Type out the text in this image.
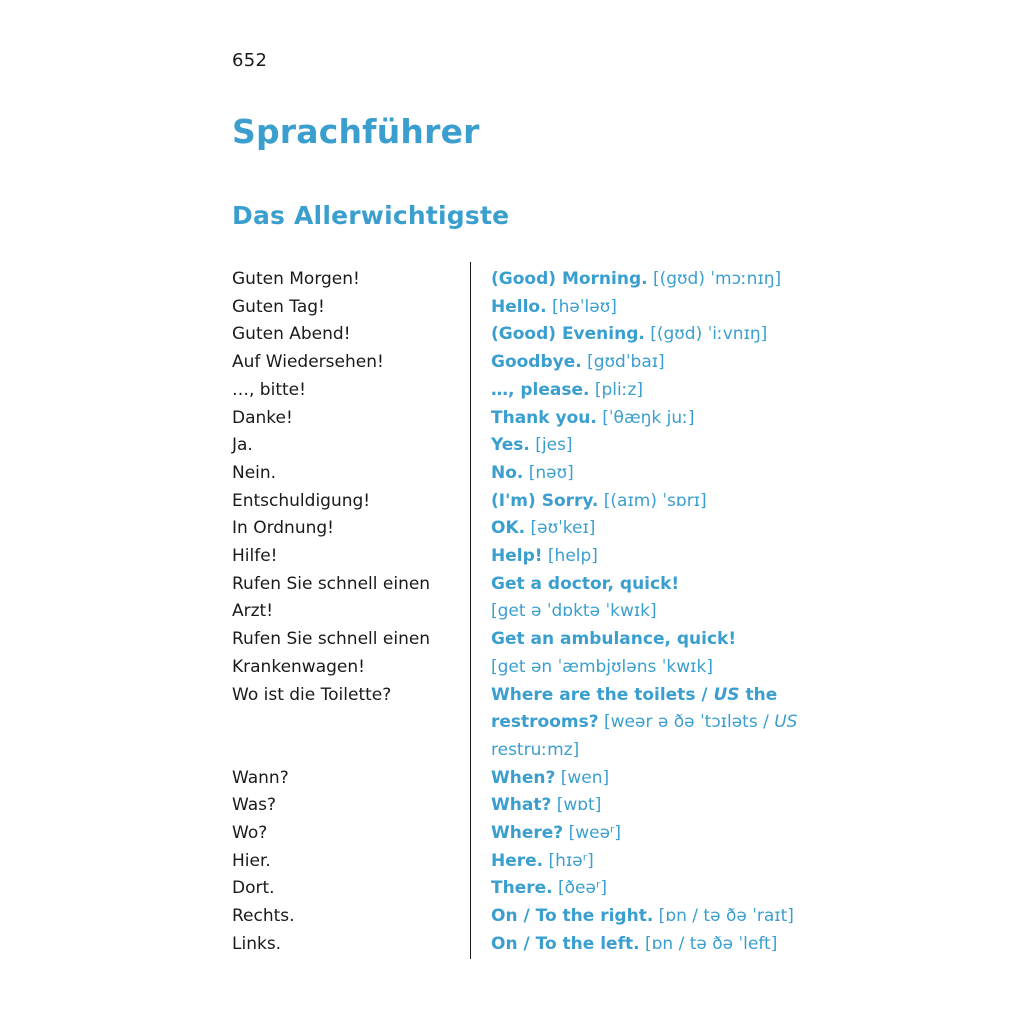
652
Sprachführer
Das Allerwichtigste
Guten Morgen!	(Good) Morning. [(gʊd) ˈmɔːnɪŋ]
Guten Tag!	Hello. [həˈləʊ]
Guten Abend!	(Good) Evening. [(gʊd) ˈiːvnɪŋ]
Auf Wiedersehen!	Goodbye. [gʊdˈbaɪ]
…, bitte!	…, please. [pliːz]
Danke!	Thank you. [ˈθæŋk juː]
Ja.	Yes. [jes]
Nein.	No. [nəʊ]
Entschuldigung!	(I'm) Sorry. [(aɪm) ˈsɒrɪ]
In Ordnung!	OK. [əʊˈkeɪ]
Hilfe!	Help! [help]
Rufen Sie schnell einen	Get a doctor, quick!
Arzt!	[get ə ˈdɒktə ˈkwɪk]
Rufen Sie schnell einen	Get an ambulance, quick!
Krankenwagen!	[get ən ˈæmbjʊləns ˈkwɪk]
Wo ist die Toilette?	Where are the toilets / US the restrooms? [weər ə ðə ˈtɔɪləts / US restruːmz]
Wann?	When? [wen]
Was?	What? [wɒt]
Wo?	Where? [weəʳ]
Hier.	Here. [hɪəʳ]
Dort.	There. [ðeəʳ]
Rechts.	On / To the right. [ɒn / tə ðə ˈraɪt]
Links.	On / To the left. [ɒn / tə ðə ˈleft]
